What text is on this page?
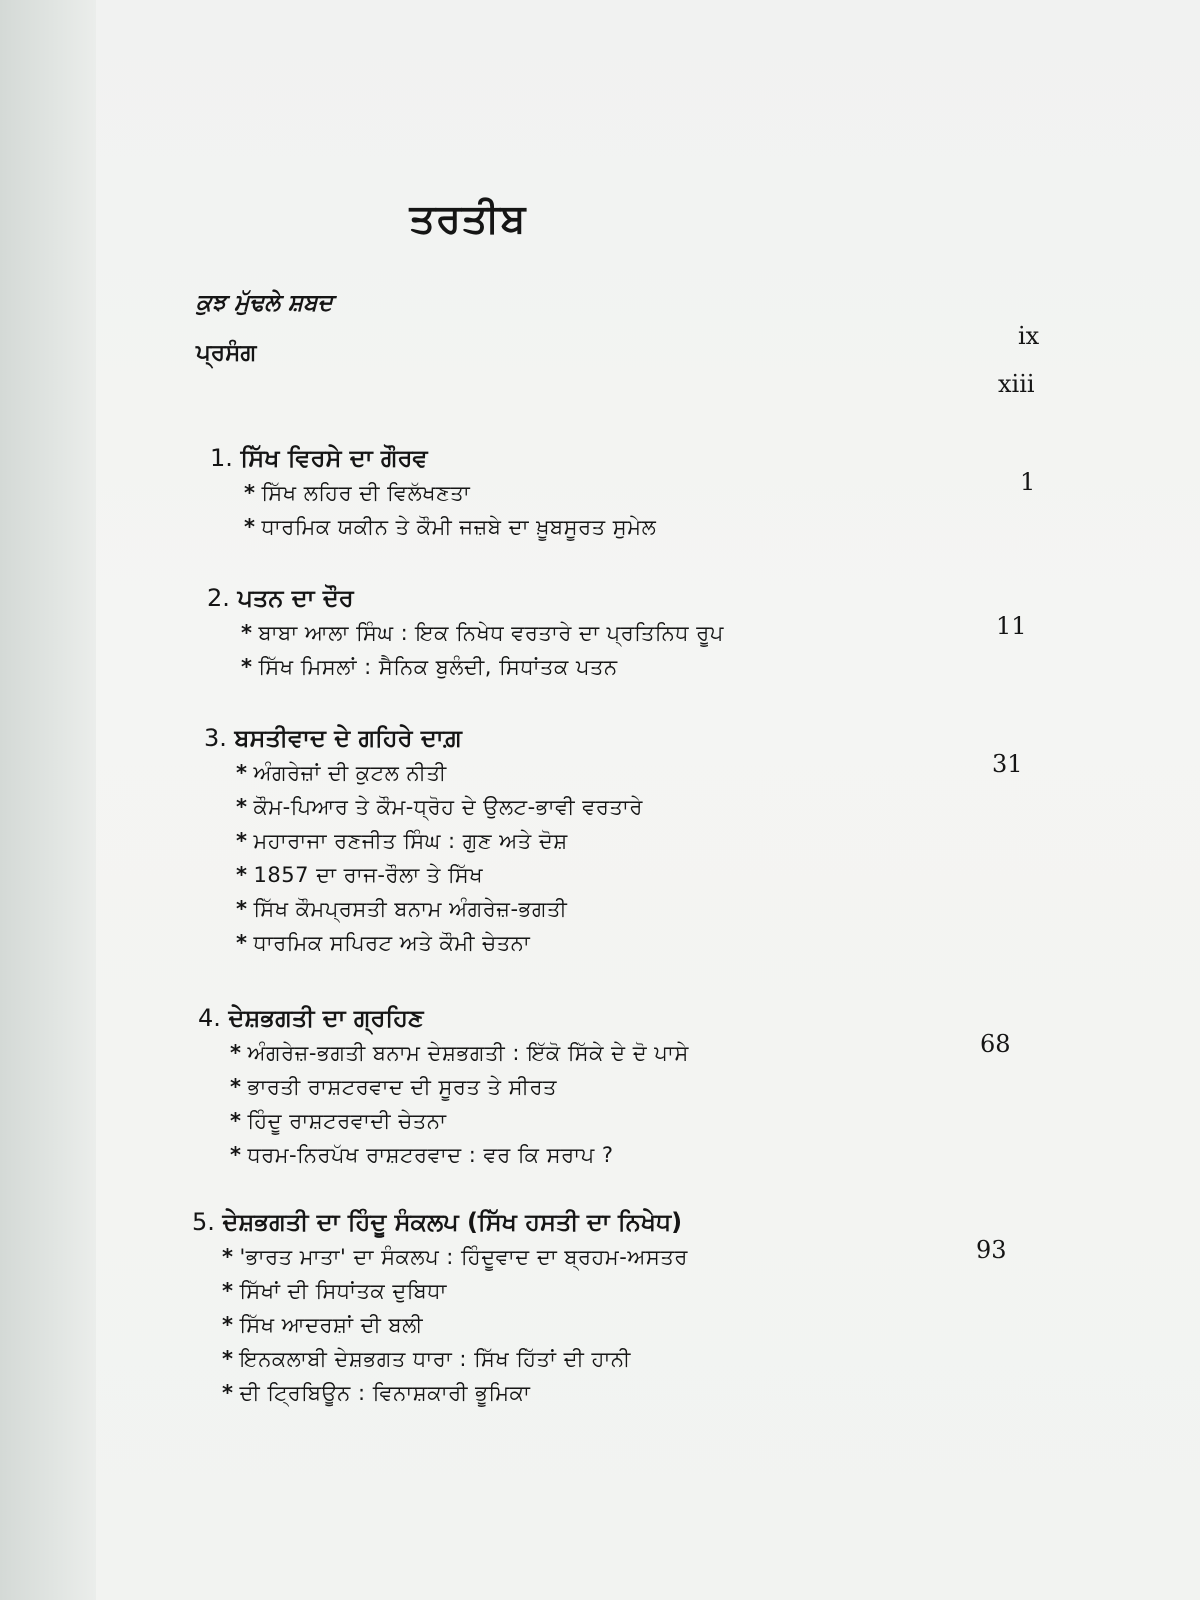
ਤਰਤੀਬ
ਕੁਝ ਮੁੱਢਲੇ ਸ਼ਬਦ
ix
ਪ੍ਰਸੰਗ
xiii
1. ਸਿੱਖ ਵਿਰਸੇ ਦਾ ਗੌਰਵ
* ਸਿੱਖ ਲਹਿਰ ਦੀ ਵਿਲੱਖਣਤਾ
* ਧਾਰਮਿਕ ਯਕੀਨ ਤੇ ਕੌਮੀ ਜਜ਼ਬੇ ਦਾ ਖ਼ੂਬਸੂਰਤ ਸੁਮੇਲ
1
2. ਪਤਨ ਦਾ ਦੌਰ
* ਬਾਬਾ ਆਲਾ ਸਿੰਘ : ਇਕ ਨਿਖੇਧ ਵਰਤਾਰੇ ਦਾ ਪ੍ਰਤਿਨਿਧ ਰੂਪ
* ਸਿੱਖ ਮਿਸਲਾਂ : ਸੈਨਿਕ ਬੁਲੰਦੀ, ਸਿਧਾਂਤਕ ਪਤਨ
11
3. ਬਸਤੀਵਾਦ ਦੇ ਗਹਿਰੇ ਦਾਗ਼
* ਅੰਗਰੇਜ਼ਾਂ ਦੀ ਕੁਟਲ ਨੀਤੀ
* ਕੌਮ-ਪਿਆਰ ਤੇ ਕੌਮ-ਧ੍ਰੋਹ ਦੇ ਉਲਟ-ਭਾਵੀ ਵਰਤਾਰੇ
* ਮਹਾਰਾਜਾ ਰਣਜੀਤ ਸਿੰਘ : ਗੁਣ ਅਤੇ ਦੋਸ਼
* 1857 ਦਾ ਰਾਜ-ਰੌਲਾ ਤੇ ਸਿੱਖ
* ਸਿੱਖ ਕੌਮਪ੍ਰਸਤੀ ਬਨਾਮ ਅੰਗਰੇਜ਼-ਭਗਤੀ
* ਧਾਰਮਿਕ ਸਪਿਰਟ ਅਤੇ ਕੌਮੀ ਚੇਤਨਾ
31
4. ਦੇਸ਼ਭਗਤੀ ਦਾ ਗ੍ਰਹਿਣ
* ਅੰਗਰੇਜ਼-ਭਗਤੀ ਬਨਾਮ ਦੇਸ਼ਭਗਤੀ : ਇੱਕੋ ਸਿੱਕੇ ਦੇ ਦੋ ਪਾਸੇ
* ਭਾਰਤੀ ਰਾਸ਼ਟਰਵਾਦ ਦੀ ਸੂਰਤ ਤੇ ਸੀਰਤ
* ਹਿੰਦੂ ਰਾਸ਼ਟਰਵਾਦੀ ਚੇਤਨਾ
* ਧਰਮ-ਨਿਰਪੱਖ ਰਾਸ਼ਟਰਵਾਦ : ਵਰ ਕਿ ਸਰਾਪ ?
68
5. ਦੇਸ਼ਭਗਤੀ ਦਾ ਹਿੰਦੂ ਸੰਕਲਪ (ਸਿੱਖ ਹਸਤੀ ਦਾ ਨਿਖੇਧ)
* 'ਭਾਰਤ ਮਾਤਾ' ਦਾ ਸੰਕਲਪ : ਹਿੰਦੂਵਾਦ ਦਾ ਬ੍ਰਹਮ-ਅਸਤਰ
* ਸਿੱਖਾਂ ਦੀ ਸਿਧਾਂਤਕ ਦੁਬਿਧਾ
* ਸਿੱਖ ਆਦਰਸ਼ਾਂ ਦੀ ਬਲੀ
* ਇਨਕਲਾਬੀ ਦੇਸ਼ਭਗਤ ਧਾਰਾ : ਸਿੱਖ ਹਿੱਤਾਂ ਦੀ ਹਾਨੀ
* ਦੀ ਟ੍ਰਿਬਿਊਨ : ਵਿਨਾਸ਼ਕਾਰੀ ਭੂਮਿਕਾ
93
